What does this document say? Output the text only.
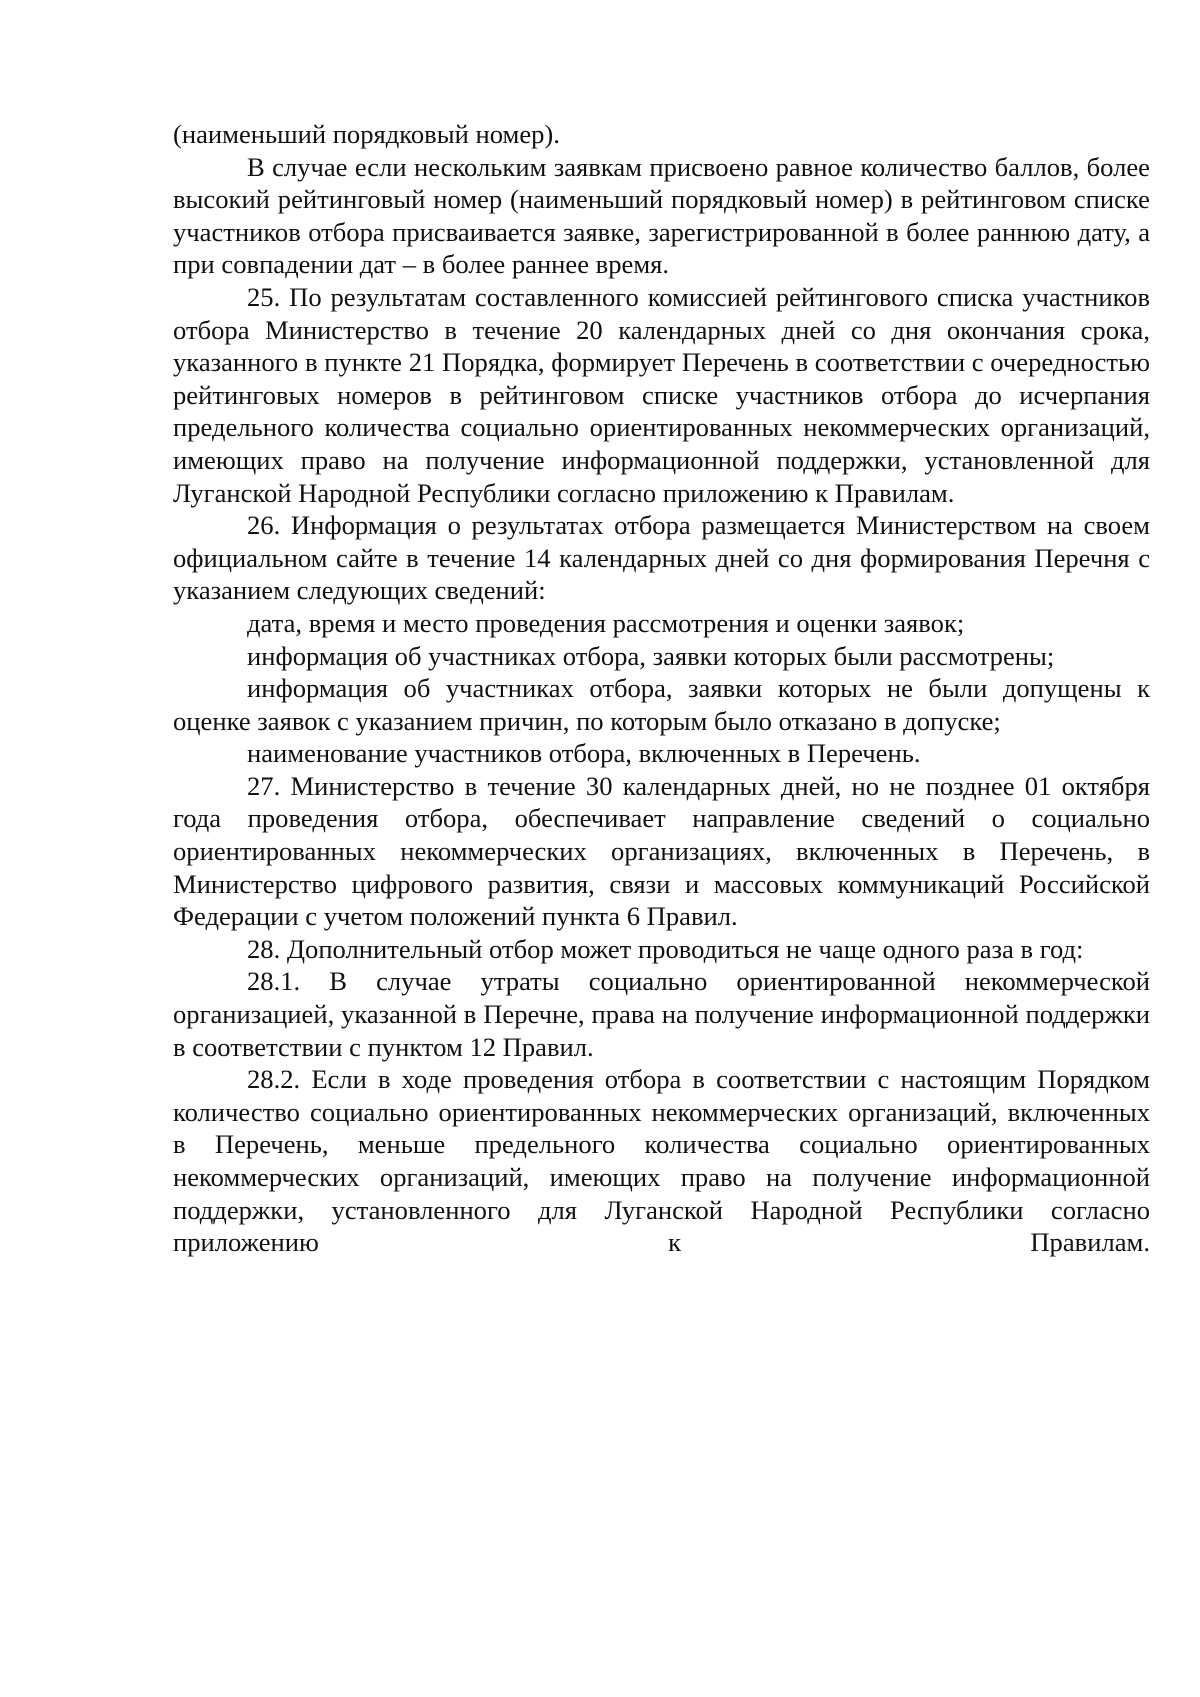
(наименьший порядковый номер).

В случае если нескольким заявкам присвоено равное количество баллов, более высокий рейтинговый номер (наименьший порядковый номер) в рейтинговом списке участников отбора присваивается заявке, зарегистрированной в более раннюю дату, а при совпадении дат – в более раннее время.

25. По результатам составленного комиссией рейтингового списка участников отбора Министерство в течение 20 календарных дней со дня окончания срока, указанного в пункте 21 Порядка, формирует Перечень в соответствии с очередностью рейтинговых номеров в рейтинговом списке участников отбора до исчерпания предельного количества социально ориентированных некоммерческих организаций, имеющих право на получение информационной поддержки, установленной для Луганской Народной Республики согласно приложению к Правилам.

26. Информация о результатах отбора размещается Министерством на своем официальном сайте в течение 14 календарных дней со дня формирования Перечня с указанием следующих сведений:

дата, время и место проведения рассмотрения и оценки заявок;

информация об участниках отбора, заявки которых были рассмотрены;

информация об участниках отбора, заявки которых не были допущены к оценке заявок с указанием причин, по которым было отказано в допуске;

наименование участников отбора, включенных в Перечень.

27. Министерство в течение 30 календарных дней, но не позднее 01 октября года проведения отбора, обеспечивает направление сведений о социально ориентированных некоммерческих организациях, включенных в Перечень, в Министерство цифрового развития, связи и массовых коммуникаций Российской Федерации с учетом положений пункта 6 Правил.

28. Дополнительный отбор может проводиться не чаще одного раза в год:

28.1. В случае утраты социально ориентированной некоммерческой организацией, указанной в Перечне, права на получение информационной поддержки в соответствии с пунктом 12 Правил.

28.2. Если в ходе проведения отбора в соответствии с настоящим Порядком количество социально ориентированных некоммерческих организаций, включенных в Перечень, меньше предельного количества социально ориентированных некоммерческих организаций, имеющих право на получение информационной поддержки, установленного для Луганской Народной Республики согласно приложению к Правилам.
